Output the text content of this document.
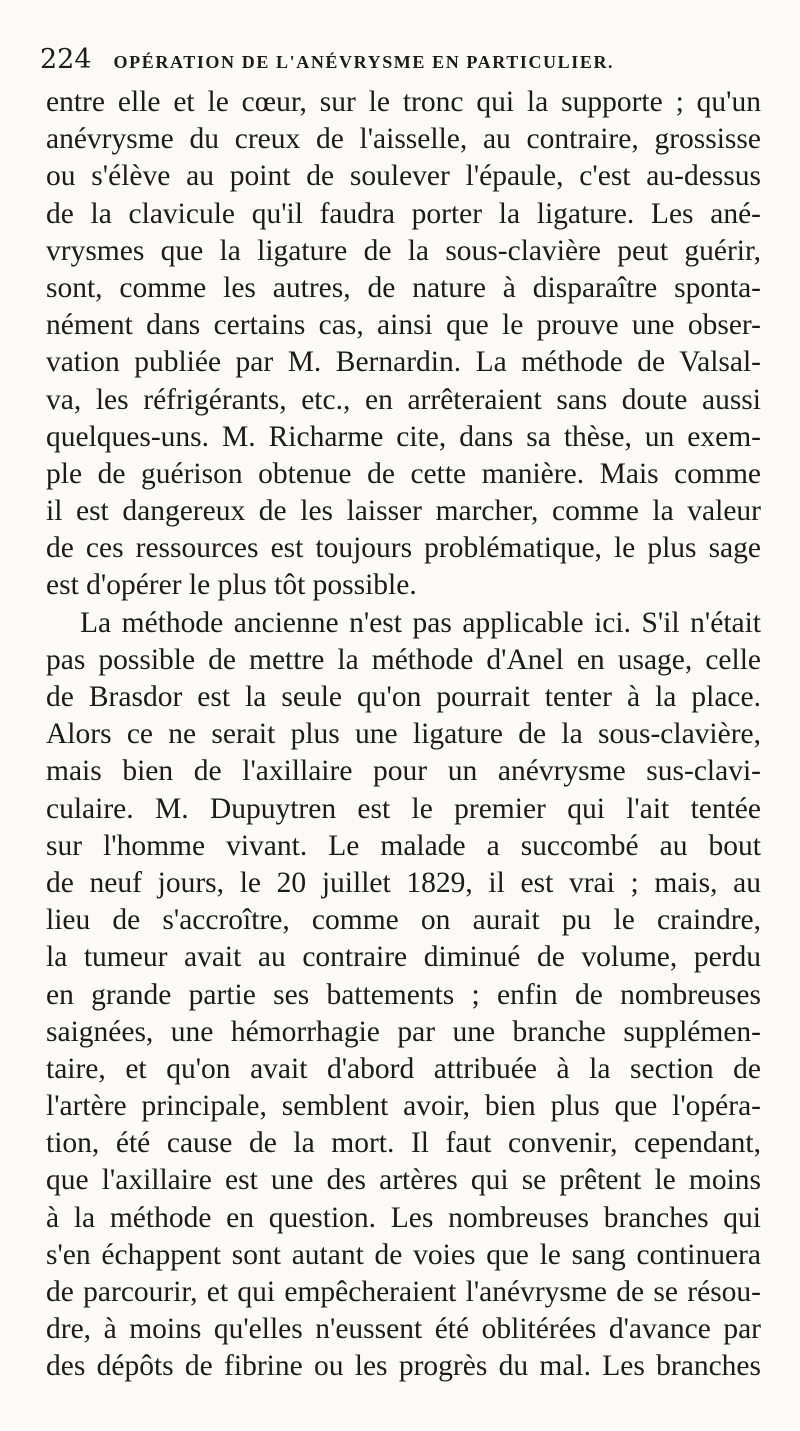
224 OPÉRATION DE L'ANÉVRYSME EN PARTICULIER.
entre elle et le cœur, sur le tronc qui la supporte ; qu'un
anévrysme du creux de l'aisselle, au contraire, grossisse
ou s'élève au point de soulever l'épaule, c'est au-dessus
de la clavicule qu'il faudra porter la ligature. Les ané-
vrysmes que la ligature de la sous-clavière peut guérir,
sont, comme les autres, de nature à disparaître sponta-
nément dans certains cas, ainsi que le prouve une obser-
vation publiée par M. Bernardin. La méthode de Valsal-
va, les réfrigérants, etc., en arrêteraient sans doute aussi
quelques-uns. M. Richarme cite, dans sa thèse, un exem-
ple de guérison obtenue de cette manière. Mais comme
il est dangereux de les laisser marcher, comme la valeur
de ces ressources est toujours problématique, le plus sage
est d'opérer le plus tôt possible.
La méthode ancienne n'est pas applicable ici. S'il n'était
pas possible de mettre la méthode d'Anel en usage, celle
de Brasdor est la seule qu'on pourrait tenter à la place.
Alors ce ne serait plus une ligature de la sous-clavière,
mais bien de l'axillaire pour un anévrysme sus-clavi-
culaire. M. Dupuytren est le premier qui l'ait tentée
sur l'homme vivant. Le malade a succombé au bout
de neuf jours, le 20 juillet 1829, il est vrai ; mais, au
lieu de s'accroître, comme on aurait pu le craindre,
la tumeur avait au contraire diminué de volume, perdu
en grande partie ses battements ; enfin de nombreuses
saignées, une hémorrhagie par une branche supplémen-
taire, et qu'on avait d'abord attribuée à la section de
l'artère principale, semblent avoir, bien plus que l'opéra-
tion, été cause de la mort. Il faut convenir, cependant,
que l'axillaire est une des artères qui se prêtent le moins
à la méthode en question. Les nombreuses branches qui
s'en échappent sont autant de voies que le sang continuera
de parcourir, et qui empêcheraient l'anévrysme de se résou-
dre, à moins qu'elles n'eussent été oblitérées d'avance par
des dépôts de fibrine ou les progrès du mal. Les branches
